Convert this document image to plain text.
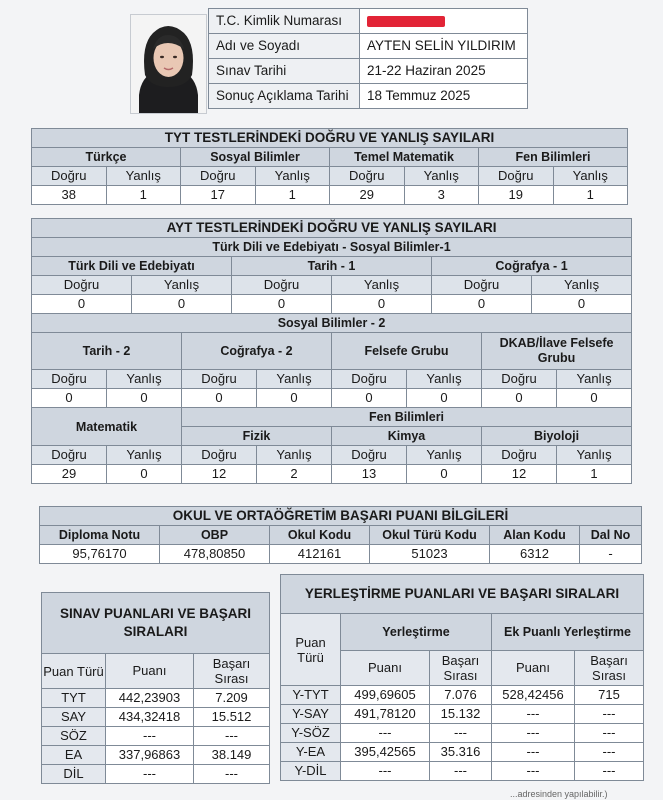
T.C. Kimlik Numarası	
Adı ve Soyadı	AYTEN SELİN YILDIRIM
Sınav Tarihi	21-22 Haziran 2025
Sonuç Açıklama Tarihi	18 Temmuz 2025
TYT TESTLERİNDEKİ DOĞRU VE YANLIŞ SAYILARI							
Türkçe		Sosyal Bilimler		Temel Matematik		Fen Bilimleri	
Doğru	Yanlış	Doğru	Yanlış	Doğru	Yanlış	Doğru	Yanlış
38	1	17	1	29	3	19	1
AYT TESTLERİNDEKİ DOĞRU VE YANLIŞ SAYILARI											
Türk Dili ve Edebiyatı - Sosyal Bilimler-1											
Türk Dili ve Edebiyatı				Tarih - 1				Coğrafya - 1			
Doğru		Yanlış		Doğru		Yanlış		Doğru		Yanlış	
0		0		0		0		0		0	
Sosyal Bilimler - 2											
Tarih - 2			Coğrafya - 2			Felsefe Grubu			DKAB/İlave Felsefe Grubu		
Doğru	Yanlış		Doğru		Yanlış	Doğru	Yanlış		Doğru		Yanlış
0	0		0		0	0	0		0		0
Matematik			Fen Bilimleri								
			Fizik			Kimya			Biyoloji		
Doğru	Yanlış		Doğru		Yanlış	Doğru	Yanlış		Doğru		Yanlış
29	0		12		2	13	0		12		1
OKUL VE ORTAÖĞRETİM BAŞARI PUANI BİLGİLERİ					
Diploma Notu	OBP	Okul Kodu	Okul Türü Kodu	Alan Kodu	Dal No
95,76170	478,80850	412161	51023	6312	-
SINAV PUANLARI VE BAŞARI SIRALARI		
Puan Türü	Puanı	Başarı Sırası
TYT	442,23903	7.209
SAY	434,32418	15.512
SÖZ	---	---
EA	337,96863	38.149
DİL	---	---
YERLEŞTİRME PUANLARI VE BAŞARI SIRALARI				
Puan Türü	Yerleştirme		Ek Puanlı Yerleştirme	
	Puanı	Başarı Sırası	Puanı	Başarı Sırası
Y-TYT	499,69605	7.076	528,42456	715
Y-SAY	491,78120	15.132	---	---
Y-SÖZ	---	---	---	---
Y-EA	395,42565	35.316	---	---
Y-DİL	---	---	---	---
...adresinden yapılabilir.)
